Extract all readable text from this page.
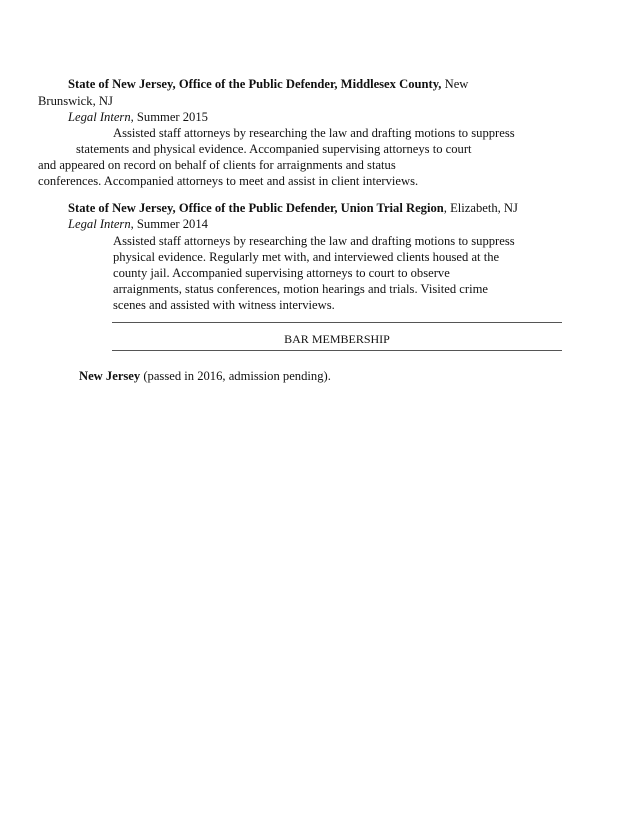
State of New Jersey, Office of the Public Defender, Middlesex County, New
Brunswick, NJ
Legal Intern, Summer 2015
Assisted staff attorneys by researching the law and drafting motions to suppress
statements and physical evidence. Accompanied supervising attorneys to court
and appeared on record on behalf of clients for arraignments and status
conferences. Accompanied attorneys to meet and assist in client interviews.
State of New Jersey, Office of the Public Defender, Union Trial Region, Elizabeth, NJ
Legal Intern, Summer 2014
Assisted staff attorneys by researching the law and drafting motions to suppress
physical evidence. Regularly met with, and interviewed clients housed at the
county jail. Accompanied supervising attorneys to court to observe
arraignments, status conferences, motion hearings and trials. Visited crime
scenes and assisted with witness interviews.
BAR MEMBERSHIP
New Jersey (passed in 2016, admission pending).
